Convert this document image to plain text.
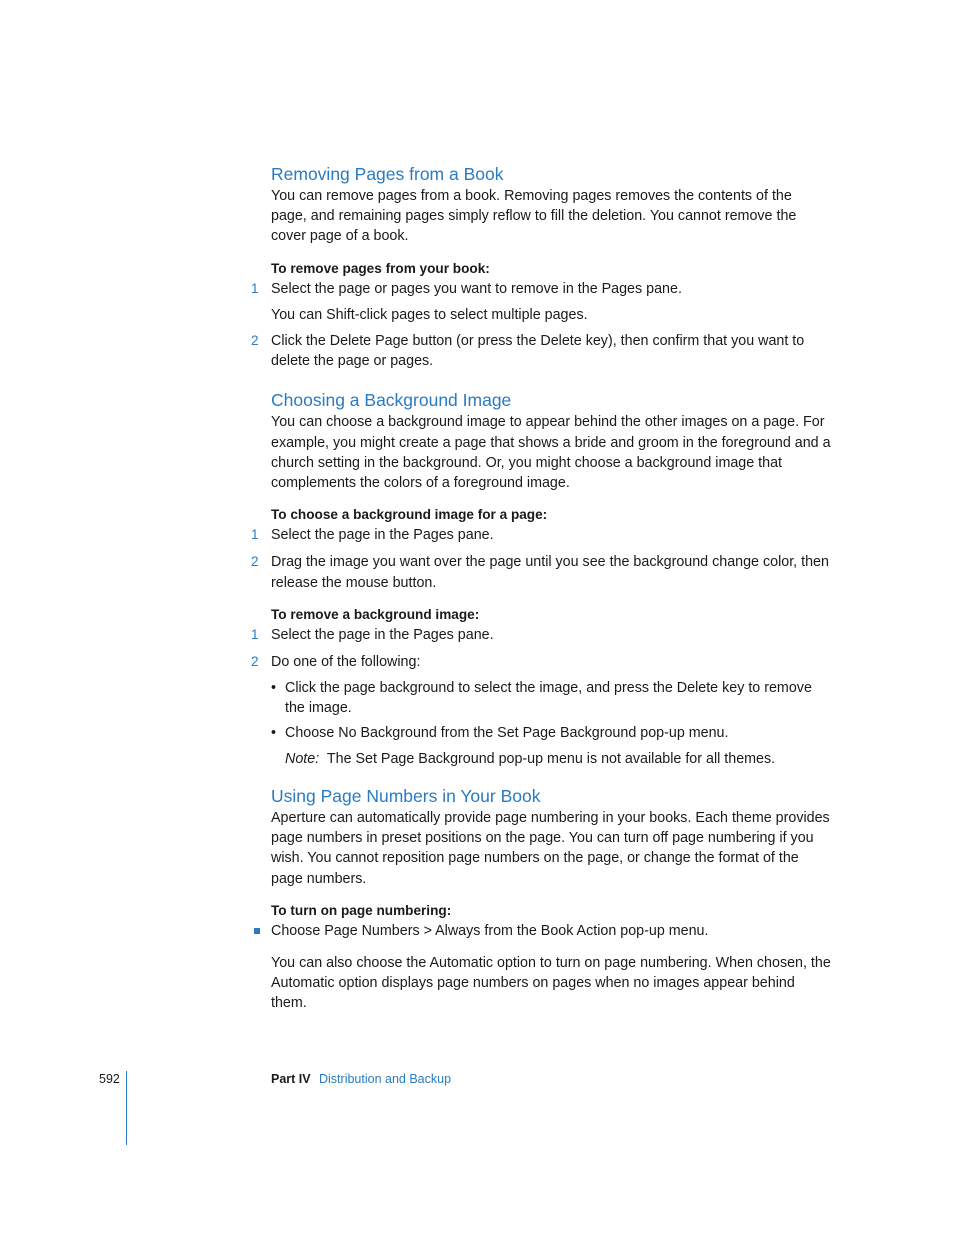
Removing Pages from a Book

You can remove pages from a book. Removing pages removes the contents of the page, and remaining pages simply reflow to fill the deletion. You cannot remove the cover page of a book.

To remove pages from your book:

1 Select the page or pages you want to remove in the Pages pane.

You can Shift-click pages to select multiple pages.

2 Click the Delete Page button (or press the Delete key), then confirm that you want to delete the page or pages.
Choosing a Background Image

You can choose a background image to appear behind the other images on a page. For example, you might create a page that shows a bride and groom in the foreground and a church setting in the background. Or, you might choose a background image that complements the colors of a foreground image.

To choose a background image for a page:

1 Select the page in the Pages pane.
2 Drag the image you want over the page until you see the background change color, then release the mouse button.

To remove a background image:

1 Select the page in the Pages pane.
2 Do one of the following:
• Click the page background to select the image, and press the Delete key to remove the image.
• Choose No Background from the Set Page Background pop-up menu.

Note: The Set Page Background pop-up menu is not available for all themes.

Using Page Numbers in Your Book

Aperture can automatically provide page numbering in your books. Each theme provides page numbers in preset positions on the page. You can turn off page numbering if you wish. You cannot reposition page numbers on the page, or change the format of the page numbers.

To turn on page numbering:

Choose Page Numbers > Always from the Book Action pop-up menu.

You can also choose the Automatic option to turn on page numbering. When chosen, the Automatic option displays page numbers on pages when no images appear behind them.

592	Part IV Distribution and Backup
